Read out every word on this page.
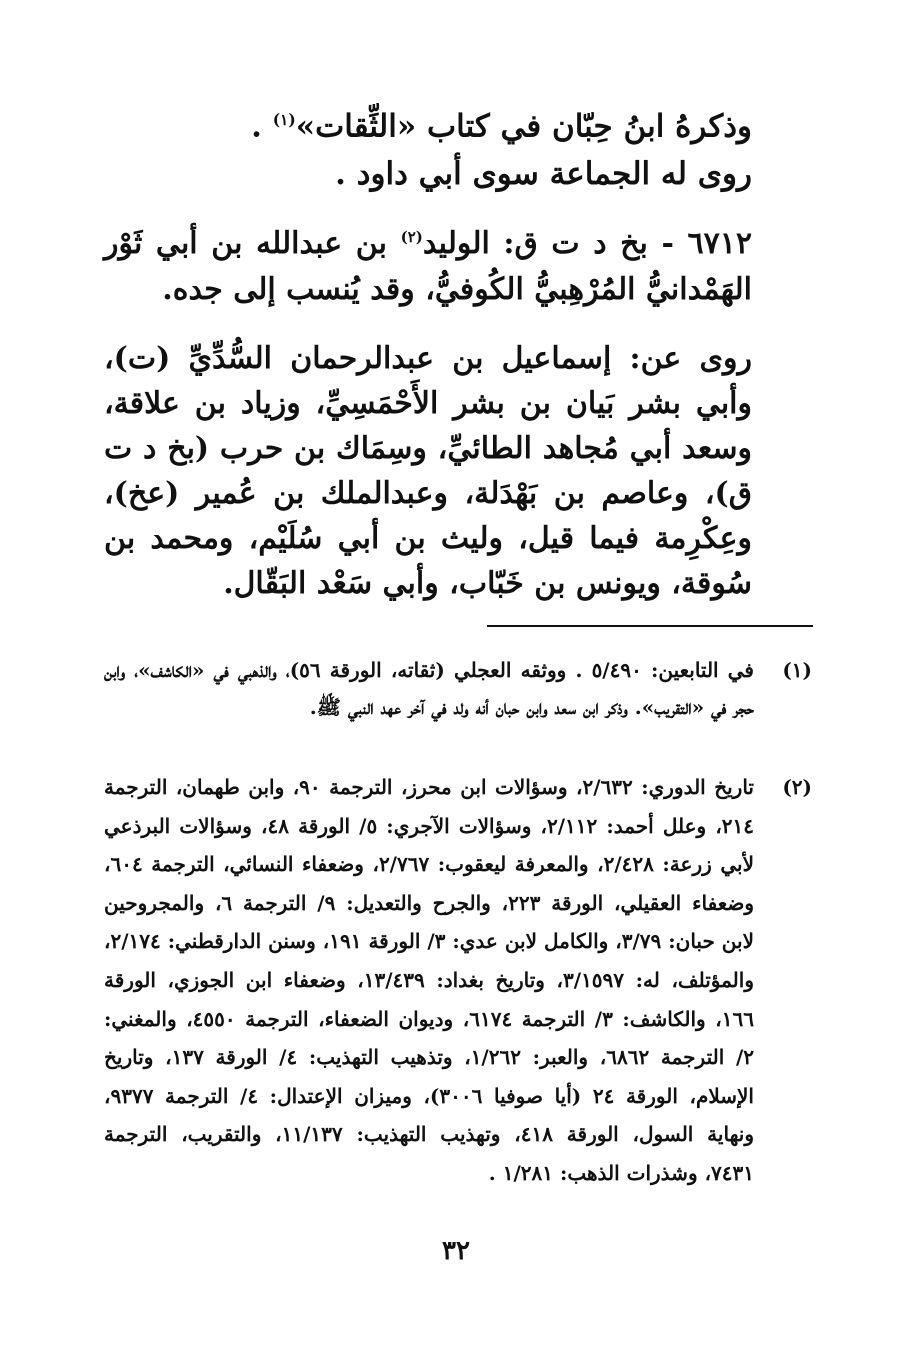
وذكرهُ ابنُ حِبّان في كتاب «الثِّقات»$^{(١)}$ .
روى له الجماعة سوى أبي داود .
٦٧١٢ - بخ د ت ق: الوليد$^{(٢)}$ بن عبدالله بن أبي ثَوْر الهَمْدانيُّ المُرْهِبيُّ الكُوفيُّ، وقد يُنسب إلى جده.
روى عن: إسماعيل بن عبدالرحمان السُّدِّيِّ (ت)، وأبي بشر بَيان بن بشر الأَحْمَسِيِّ، وزياد بن علاقة، وسعد أبي مُجاهد الطائيِّ، وسِمَاك بن حرب (بخ د ت ق)، وعاصم بن بَهْدَلة، وعبدالملك بن عُمير (عخ)، وعِكْرِمة فيما قيل، وليث بن أبي سُلَيْم، ومحمد بن سُوقة، ويونس بن خَبّاب، وأبي سَعْد البَقّال.
(١)
في التابعين: ٥/٤٩٠ . ووثقه العجلي (ثقاته، الورقة ٥٦)، والذهبي في «الكاشف»، وابن حجر في «التقريب». وذكر ابن سعد وابن حبان أنه ولد في آخر عهد النبي ﷺ.
(٢)
تاريخ الدوري: ٢/٦٣٢، وسؤالات ابن محرز، الترجمة ٩٠، وابن طهمان، الترجمة ٢١٤، وعلل أحمد: ٢/١١٢، وسؤالات الآجري: ٥/ الورقة ٤٨، وسؤالات البرذعي لأبي زرعة: ٢/٤٢٨، والمعرفة ليعقوب: ٢/٧٦٧، وضعفاء النسائي، الترجمة ٦٠٤، وضعفاء العقيلي، الورقة ٢٢٣، والجرح والتعديل: ٩/ الترجمة ٦، والمجروحين لابن حبان: ٣/٧٩، والكامل لابن عدي: ٣/ الورقة ١٩١، وسنن الدارقطني: ٢/١٧٤، والمؤتلف، له: ٣/١٥٩٧، وتاريخ بغداد: ١٣/٤٣٩، وضعفاء ابن الجوزي، الورقة ١٦٦، والكاشف: ٣/ الترجمة ٦١٧٤، وديوان الضعفاء، الترجمة ٤٥٥٠، والمغني: ٢/ الترجمة ٦٨٦٢، والعبر: ١/٢٦٢، وتذهيب التهذيب: ٤/ الورقة ١٣٧، وتاريخ الإسلام، الورقة ٢٤ (أيا صوفيا ٣٠٠٦)، وميزان الإعتدال: ٤/ الترجمة ٩٣٧٧، ونهاية السول، الورقة ٤١٨، وتهذيب التهذيب: ١١/١٣٧، والتقريب، الترجمة ٧٤٣١، وشذرات الذهب: ١/٢٨١ .
٣٢
